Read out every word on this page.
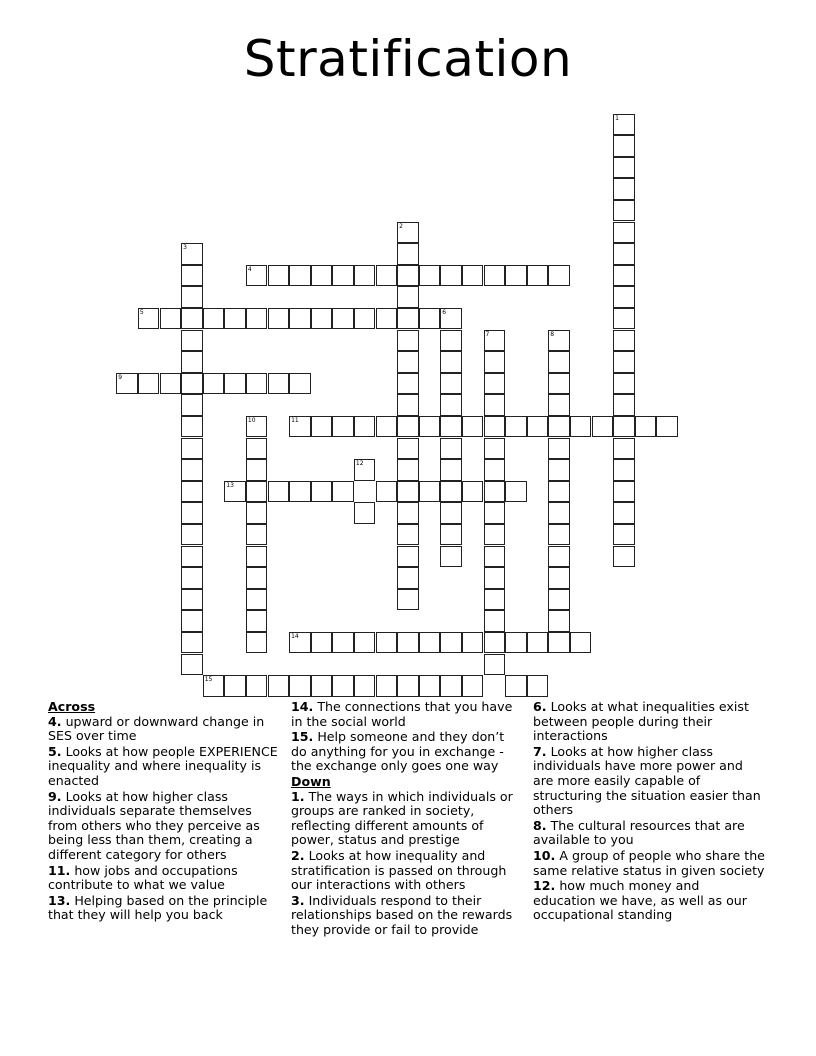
Stratification
1
2
3
4
5	6
7	8
9
10	11
12
13
14
15
Across
4. upward or downward change in SES over time
5. Looks at how people EXPERIENCE inequality and where inequality is enacted
9. Looks at how higher class individuals separate themselves from others who they perceive as being less than them, creating a different category for others
11. how jobs and occupations contribute to what we value
13. Helping based on the principle that they will help you back
14. The connections that you have in the social world
15. Help someone and they don’t do anything for you in exchange - the exchange only goes one way
Down
1. The ways in which individuals or groups are ranked in society, reflecting different amounts of power, status and prestige
2. Looks at how inequality and stratification is passed on through our interactions with others
3. Individuals respond to their relationships based on the rewards they provide or fail to provide
6. Looks at what inequalities exist between people during their interactions
7. Looks at how higher class individuals have more power and are more easily capable of structuring the situation easier than others
8. The cultural resources that are available to you
10. A group of people who share the same relative status in given society
12. how much money and education we have, as well as our occupational standing
